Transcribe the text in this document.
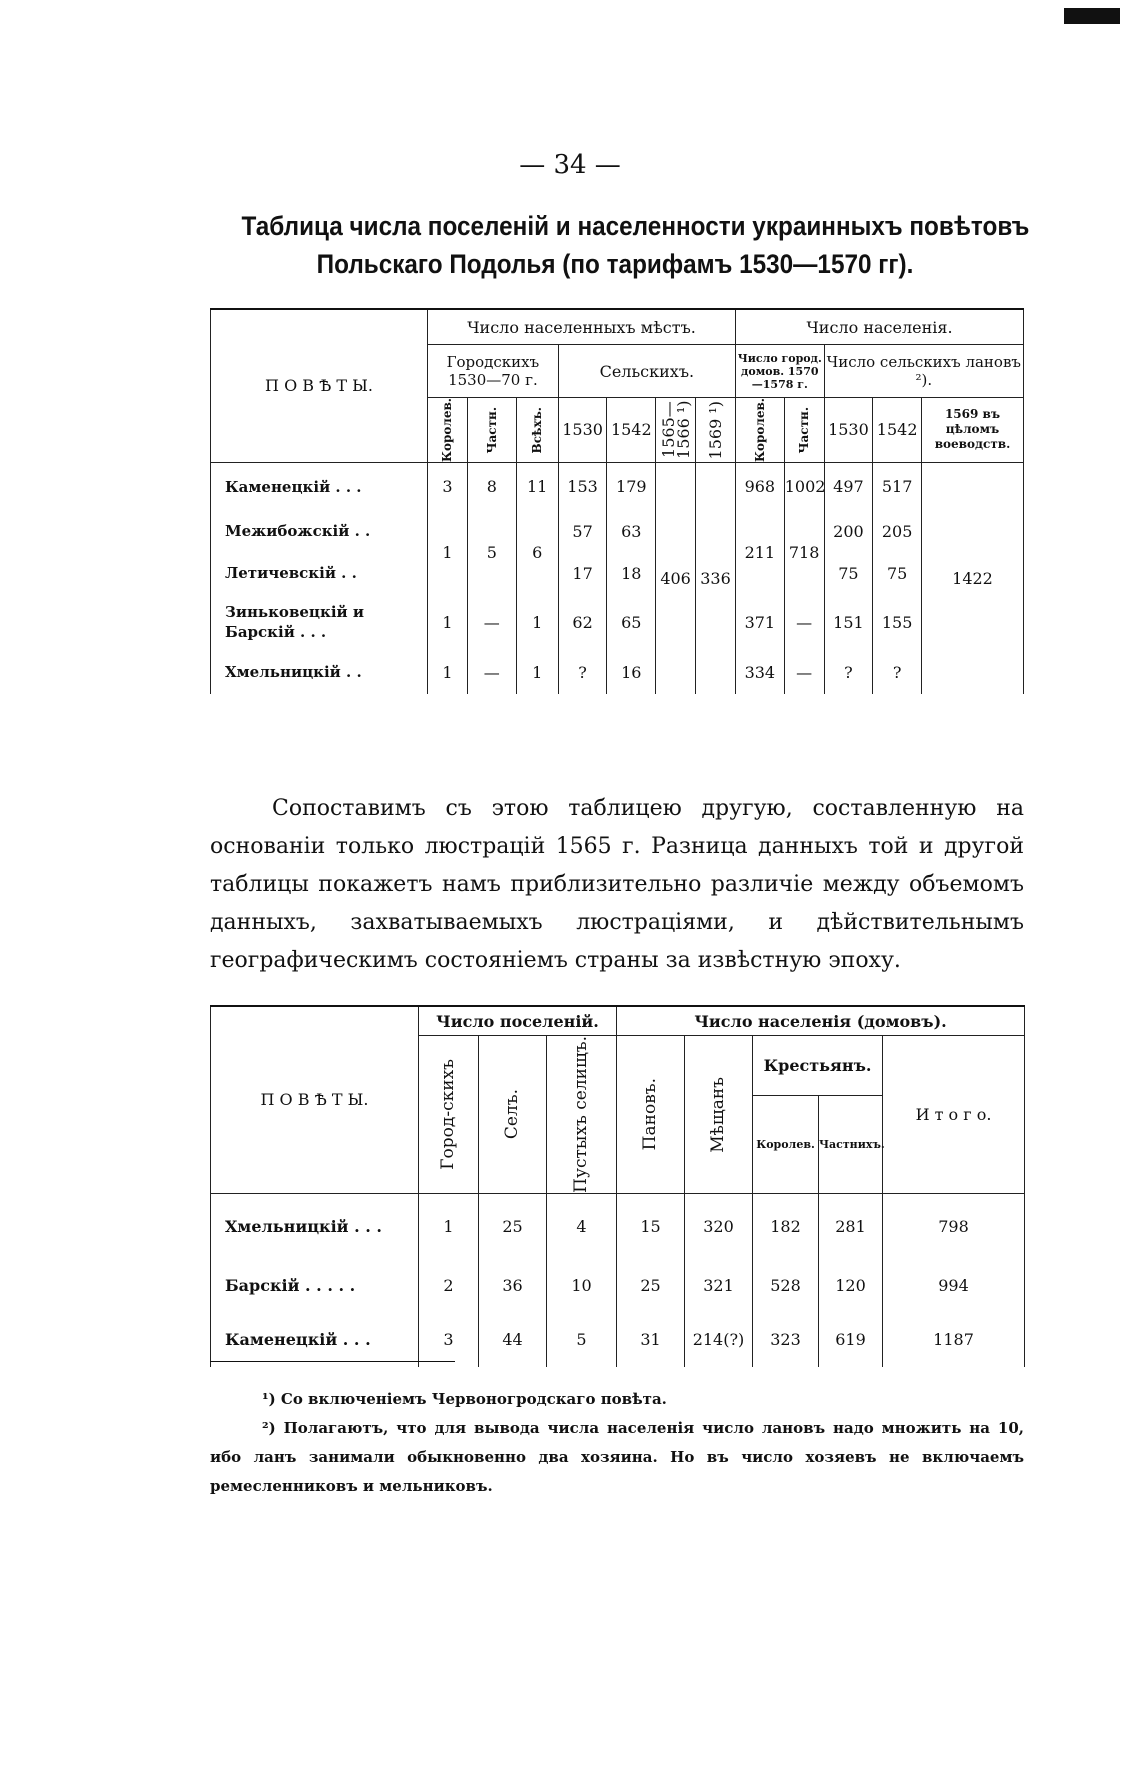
— 34 —
Таблица числа поселеній и населенности украинныхъ повѣтовъ
Польскаго Подолья (по тарифамъ 1530—1570 гг).
П О В Ѣ Т Ы.	Число населенныхъ мѣстъ.							Число населенія.				
	Городскихъ 1530—70 г.			Сельскихъ.				Число город. домов. 1570—1578 г.		Число сельскихъ лановъ ²).		

	Королев.	Частн.	Всѣхъ.	1530	1542	1565—1566 ¹)	1569 ¹)	Королев.	Частн.	1530	1542	1569 въ цѣломъ воеводств.
Каменецкій . . .	3	8	11	153	179	406	336	968	1002	497	517	1422
Межибожскій . .	1	5	6	57	63			211	718	200	205	
Летичевскій . .				17	18					75	75	
Зиньковецкій и Барскій . . .	1	—	1	62	65			371	—	151	155	
Хмельницкій . .	1	—	1	?	16			334	—	?	?	

Сопоставимъ съ этою таблицею другую, составленную на основаніи только люстрацій 1565 г. Разница данныхъ той и другой таблицы покажетъ намъ приблизительно различіе между объемомъ данныхъ, захватываемыхъ люстраціями, и дѣйствительнымъ географическимъ состояніемъ страны за извѣстную эпоху.

П О В Ѣ Т Ы.	Число поселеній.			Число населенія (домовъ).				

	Город-скихъ	Селъ.	Пустыхъ селищъ.	Пановъ.	Мѣщанъ	Крестьянъ.		И т о г о.
						Королев.	Частнихъ.	
Хмельницкій . . .	1	25	4	15	320	182	281	798
Барскій . . . . .	2	36	10	25	321	528	120	994
Каменецкій . . .	3	44	5	31	214(?)	323	619	1187

¹) Со включеніемъ Червоногродскаго повѣта.

²) Полагаютъ, что для вывода числа населенія число лановъ надо множить на 10, ибо ланъ занимали обыкновенно два хозяина. Но въ число хозяевъ не включаемъ ремесленниковъ и мельниковъ.
